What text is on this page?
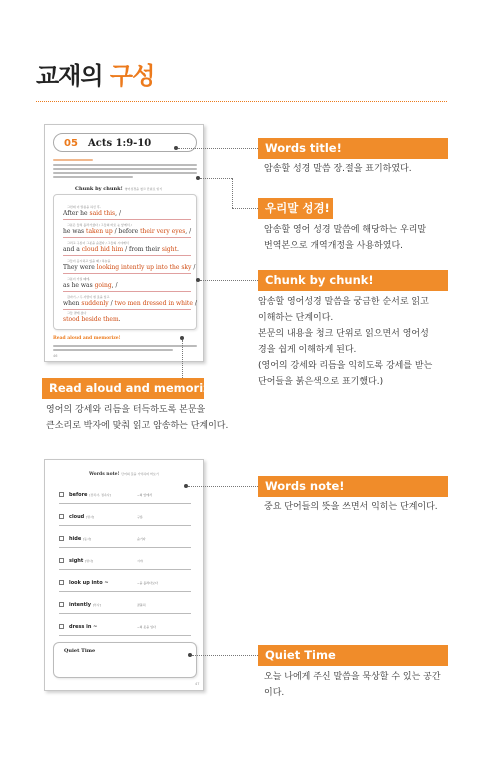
교재의 구성
05 Acts 1:9-10
Chunk by chunk! 영어성경을 청크 단위로 읽기
그런데 이 말씀을 하신 후,
After he said this, /
그분은 들려 올라가셨다 / 그들의 바로 눈 앞에서 /
he was taken up / before their very eyes, /
그리고 구름이 그분을 숨겼다 / 그들의 시야에서
and a cloud hid him / from their sight.
그들이 응시하고 있을 때 / 하늘을
They were looking intently up into the sky /
그분이 가실 때에,
as he was going, /
갑자기, / 두 사람이 흰 옷을 입고
when suddenly / two men dressed in white /
그들 곁에 섰다
stood beside them.
Read aloud and memorize!
46
Words note! 단어의 뜻을 기억하며 써보기
before [전치사, 접속사]	~의 앞에서
cloud [명사]	구름
hide [동사]	숨기다
sight [명사]	시야
look up into ~	~을 올려다보다
intently [부사]	골똘히
dress in ~	~의 옷을 입다
Quiet Time
47
Words title!
암송할 성경 말씀 장.절을 표기하였다.
우리말 성경!
암송할 영어 성경 말씀에 해당하는 우리말
번역본으로 개역개정을 사용하였다.
Chunk by chunk!
암송할 영어성경 말씀을 궁금한 순서로 읽고
이해하는 단계이다.
본문의 내용을 청크 단위로 읽으면서 영어성
경을 쉽게 이해하게 된다.
(영어의 강세와 리듬을 익히도록 강세를 받는
단어들을 붉은색으로 표기했다.)
Read aloud and memorize!
영어의 강세와 리듬을 터득하도록 본문을
큰소리로 박자에 맞춰 읽고 암송하는 단계이다.
Words note!
중요 단어들의 뜻을 쓰면서 익히는 단계이다.
Quiet Time
오늘 나에게 주신 말씀을 묵상할 수 있는 공간
이다.
